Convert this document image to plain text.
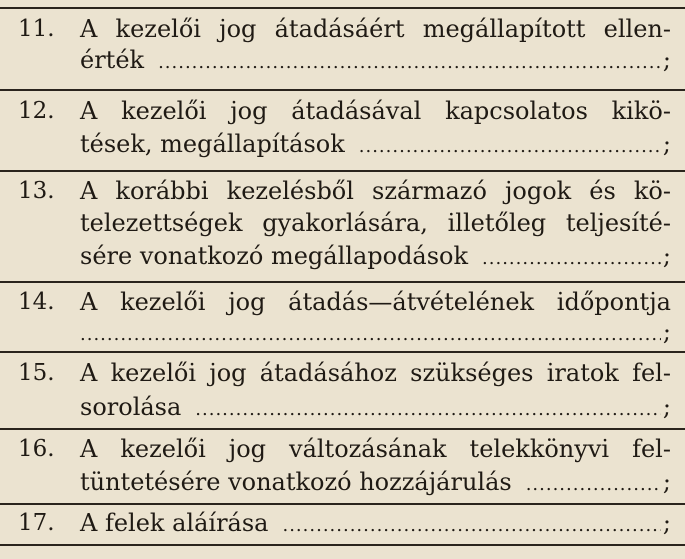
11. A kezelői jog átadásáért megállapított ellen-
érték .....	;
12. A kezelői jog átadásával kapcsolatos kikö-
tések, megállapítások .....	;
13. A korábbi kezelésből származó jogok és kö-
telezettségek gyakorlására, illetőleg teljesíté-
sére vonatkozó megállapodások .....	;
14. A kezelői jog átadás—átvételének időpontja
.....
;
15. A kezelői jog átadásához szükséges iratok fel-
sorolása .....	;
16. A kezelői jog változásának telekkönyvi fel-
tüntetésére vonatkozó hozzájárulás .....	;
17. A felek aláírása .....	;
